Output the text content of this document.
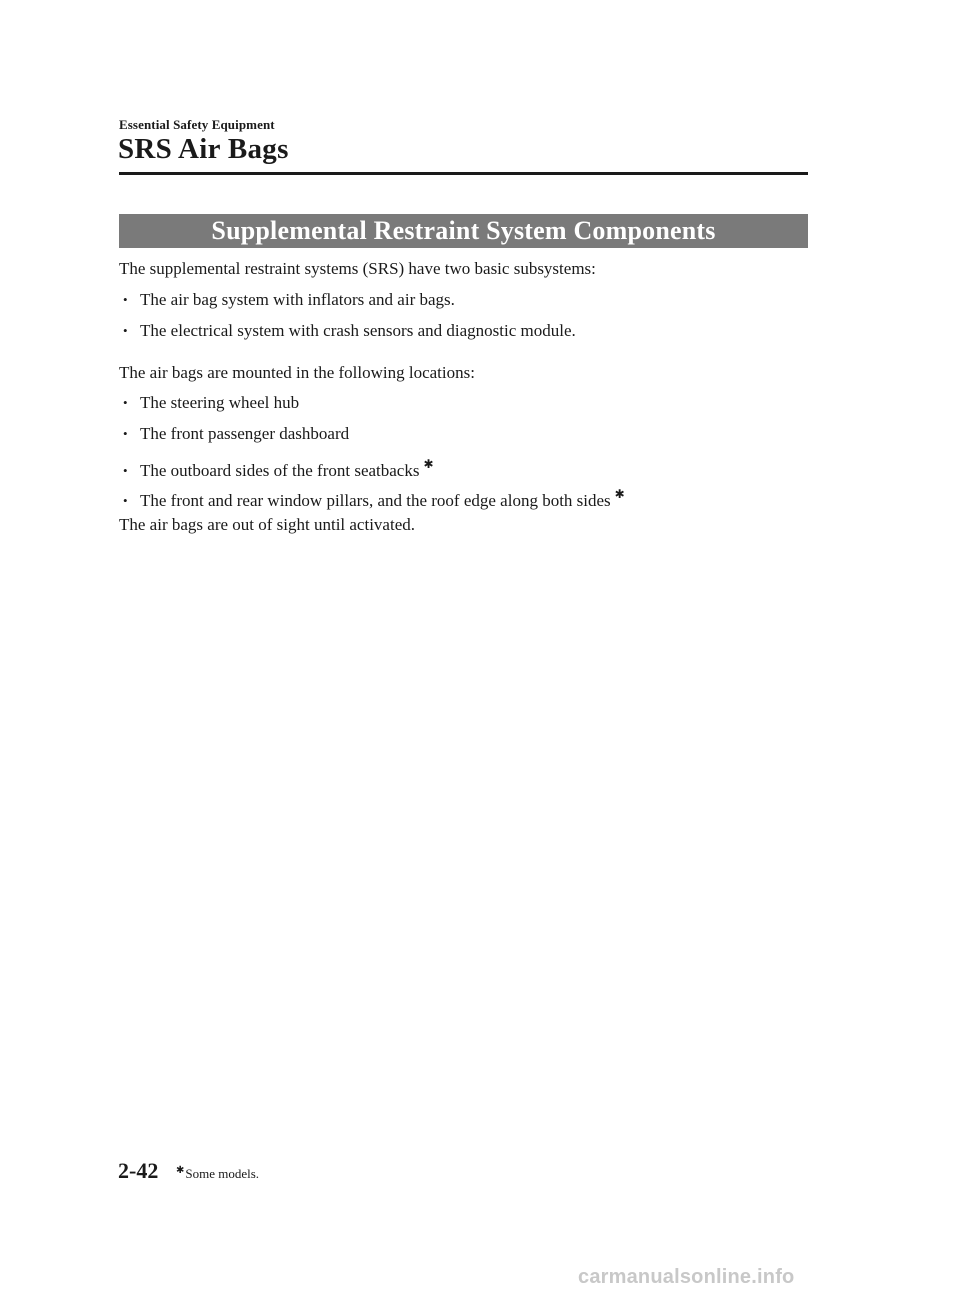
Essential Safety Equipment
SRS Air Bags
Supplemental Restraint System Components
The supplemental restraint systems (SRS) have two basic subsystems:
• The air bag system with inflators and air bags.
• The electrical system with crash sensors and diagnostic module.
The air bags are mounted in the following locations:
• The steering wheel hub
• The front passenger dashboard
• The outboard sides of the front seatbacks ✱
• The front and rear window pillars, and the roof edge along both sides ✱
The air bags are out of sight until activated.
2-42 ✱Some models.
carmanualsonline.info
